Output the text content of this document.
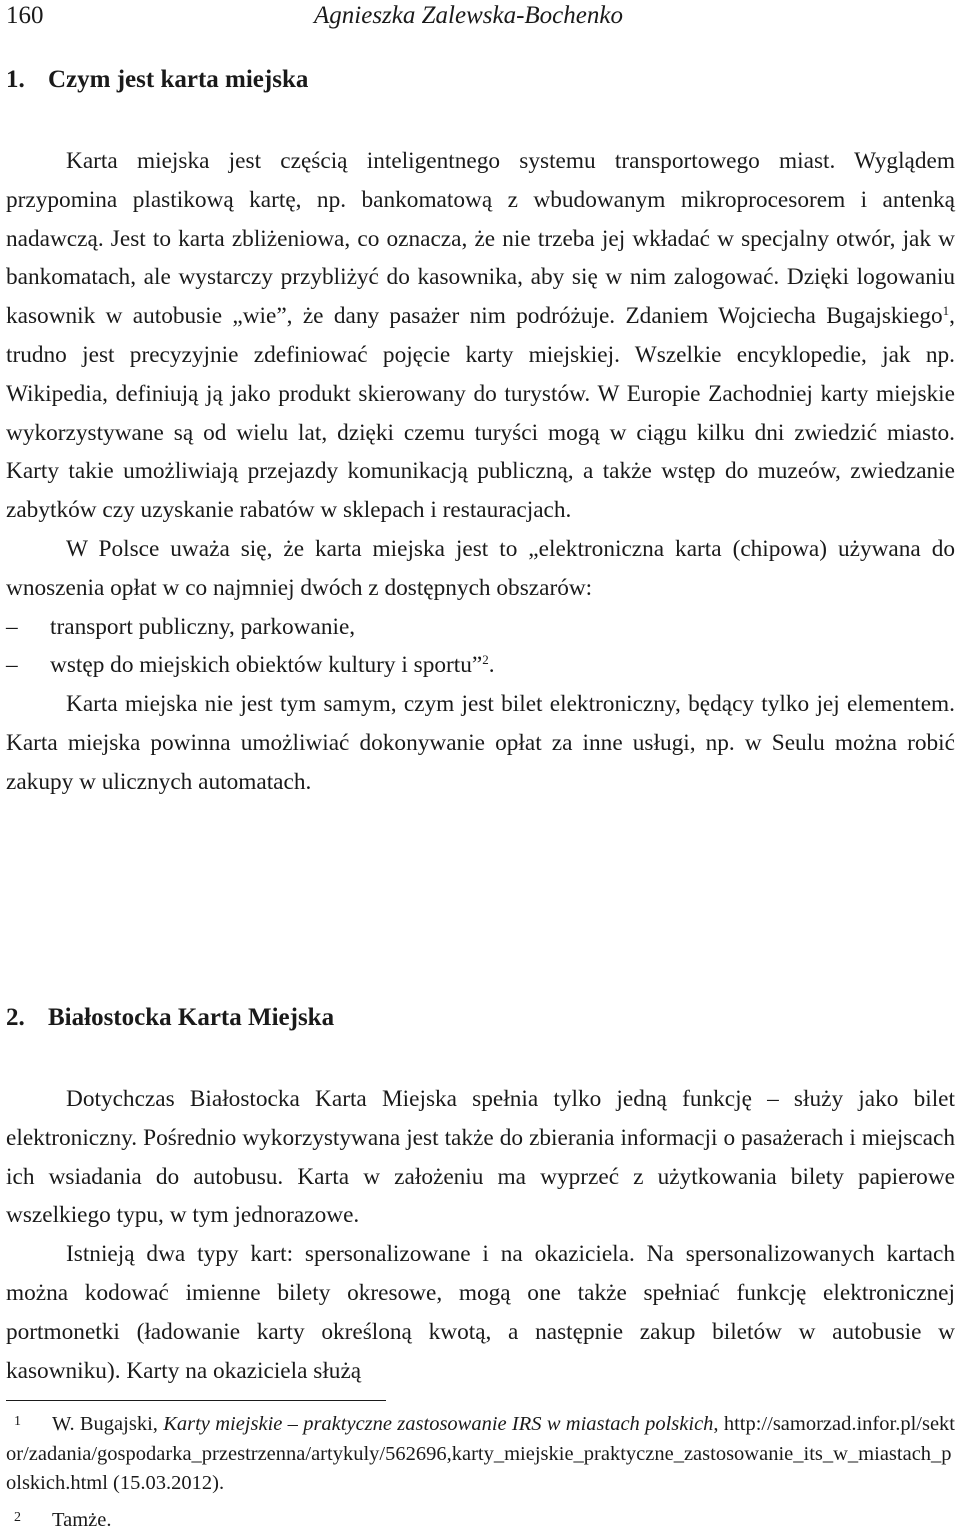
160	Agnieszka Zalewska-Bochenko
1. Czym jest karta miejska

Karta miejska jest częścią inteligentnego systemu transportowego miast. Wyglądem przypomina plastikową kartę, np. bankomatową z wbudowanym mikroprocesorem i antenką nadawczą. Jest to karta zbliżeniowa, co oznacza, że nie trzeba jej wkładać w specjalny otwór, jak w bankomatach, ale wystarczy przybliżyć do kasownika, aby się w nim zalogować. Dzięki logowaniu kasownik w autobusie „wie”, że dany pasażer nim podróżuje. Zdaniem Wojciecha Bugajskiego$^1$, trudno jest precyzyjnie zdefiniować pojęcie karty miejskiej. Wszelkie encyklopedie, jak np. Wikipedia, definiują ją jako produkt skierowany do turystów. W Europie Zachodniej karty miejskie wykorzystywane są od wielu lat, dzięki czemu turyści mogą w ciągu kilku dni zwiedzić miasto. Karty takie umożliwiają przejazdy komunikacją publiczną, a także wstęp do muzeów, zwiedzanie zabytków czy uzyskanie rabatów w sklepach i restauracjach.

W Polsce uważa się, że karta miejska jest to „elektroniczna karta (chipowa) używana do wnoszenia opłat w co najmniej dwóch z dostępnych obszarów:

– transport publiczny, parkowanie,
– wstęp do miejskich obiektów kultury i sportu”$^2$.

Karta miejska nie jest tym samym, czym jest bilet elektroniczny, będący tylko jej elementem. Karta miejska powinna umożliwiać dokonywanie opłat za inne usługi, np. w Seulu można robić zakupy w ulicznych automatach.

2. Białostocka Karta Miejska

Dotychczas Białostocka Karta Miejska spełnia tylko jedną funkcję – służy jako bilet elektroniczny. Pośrednio wykorzystywana jest także do zbierania informacji o pasażerach i miejscach ich wsiadania do autobusu. Karta w założeniu ma wyprzeć z użytkowania bilety papierowe wszelkiego typu, w tym jednorazowe.

Istnieją dwa typy kart: spersonalizowane i na okaziciela. Na spersonalizowanych kartach można kodować imienne bilety okresowe, mogą one także spełniać funkcję elektronicznej portmonetki (ładowanie karty określoną kwotą, a następnie zakup biletów w autobusie w kasowniku). Karty na okaziciela służą

1 W. Bugajski, Karty miejskie – praktyczne zastosowanie IRS w miastach polskich, http://samorzad.infor.pl/sektor/zadania/gospodarka_przestrzenna/artykuly/562696,karty_miejskie_praktyczne_zastosowanie_its_w_miastach_polskich.html (15.03.2012).

2 Tamże.
